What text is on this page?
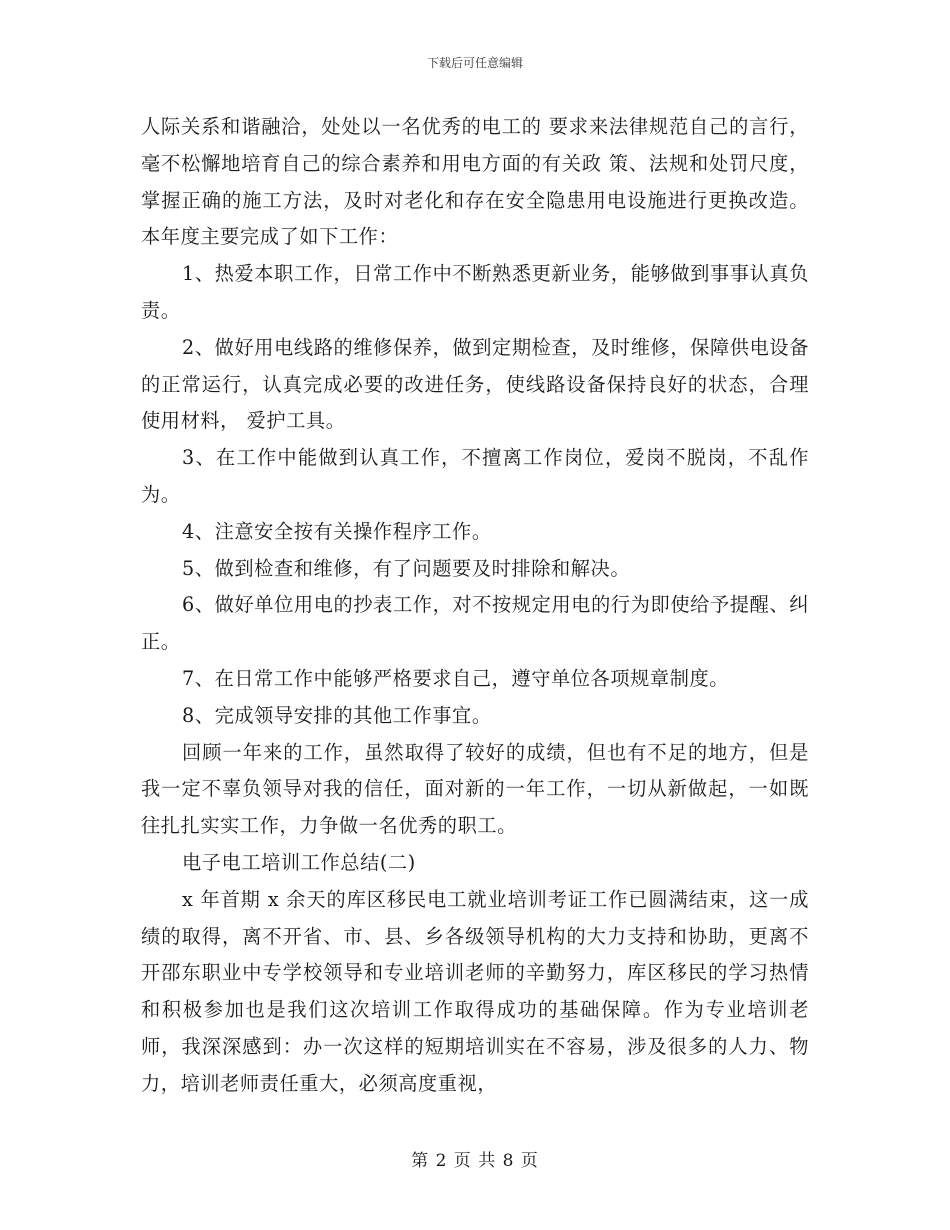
下载后可任意编辑

人际关系和谐融洽，处处以一名优秀的电工的 要求来法律规范自己的言行，毫不松懈地培育自己的综合素养和用电方面的有关政 策、法规和处罚尺度，掌握正确的施工方法，及时对老化和存在安全隐患用电设施进行更换改造。本年度主要完成了如下工作：

1、热爱本职工作，日常工作中不断熟悉更新业务，能够做到事事认真负责。

2、做好用电线路的维修保养，做到定期检查，及时维修，保障供电设备的正常运行，认真完成必要的改进任务，使线路设备保持良好的状态，合理使用材料， 爱护工具。

3、在工作中能做到认真工作，不擅离工作岗位，爱岗不脱岗，不乱作为。

4、注意安全按有关操作程序工作。

5、做到检查和维修，有了问题要及时排除和解决。

6、做好单位用电的抄表工作，对不按规定用电的行为即使给予提醒、纠正。

7、在日常工作中能够严格要求自己，遵守单位各项规章制度。

8、完成领导安排的其他工作事宜。

回顾一年来的工作，虽然取得了较好的成绩，但也有不足的地方，但是我一定不辜负领导对我的信任，面对新的一年工作，一切从新做起，一如既往扎扎实实工作，力争做一名优秀的职工。

电子电工培训工作总结(二)

x 年首期 x 余天的库区移民电工就业培训考证工作已圆满结束，这一成绩的取得，离不开省、市、县、乡各级领导机构的大力支持和协助，更离不开邵东职业中专学校领导和专业培训老师的辛勤努力，库区移民的学习热情和积极参加也是我们这次培训工作取得成功的基础保障。作为专业培训老师，我深深感到：办一次这样的短期培训实在不容易，涉及很多的人力、物力，培训老师责任重大，必须高度重视，

第 2 页 共 8 页
